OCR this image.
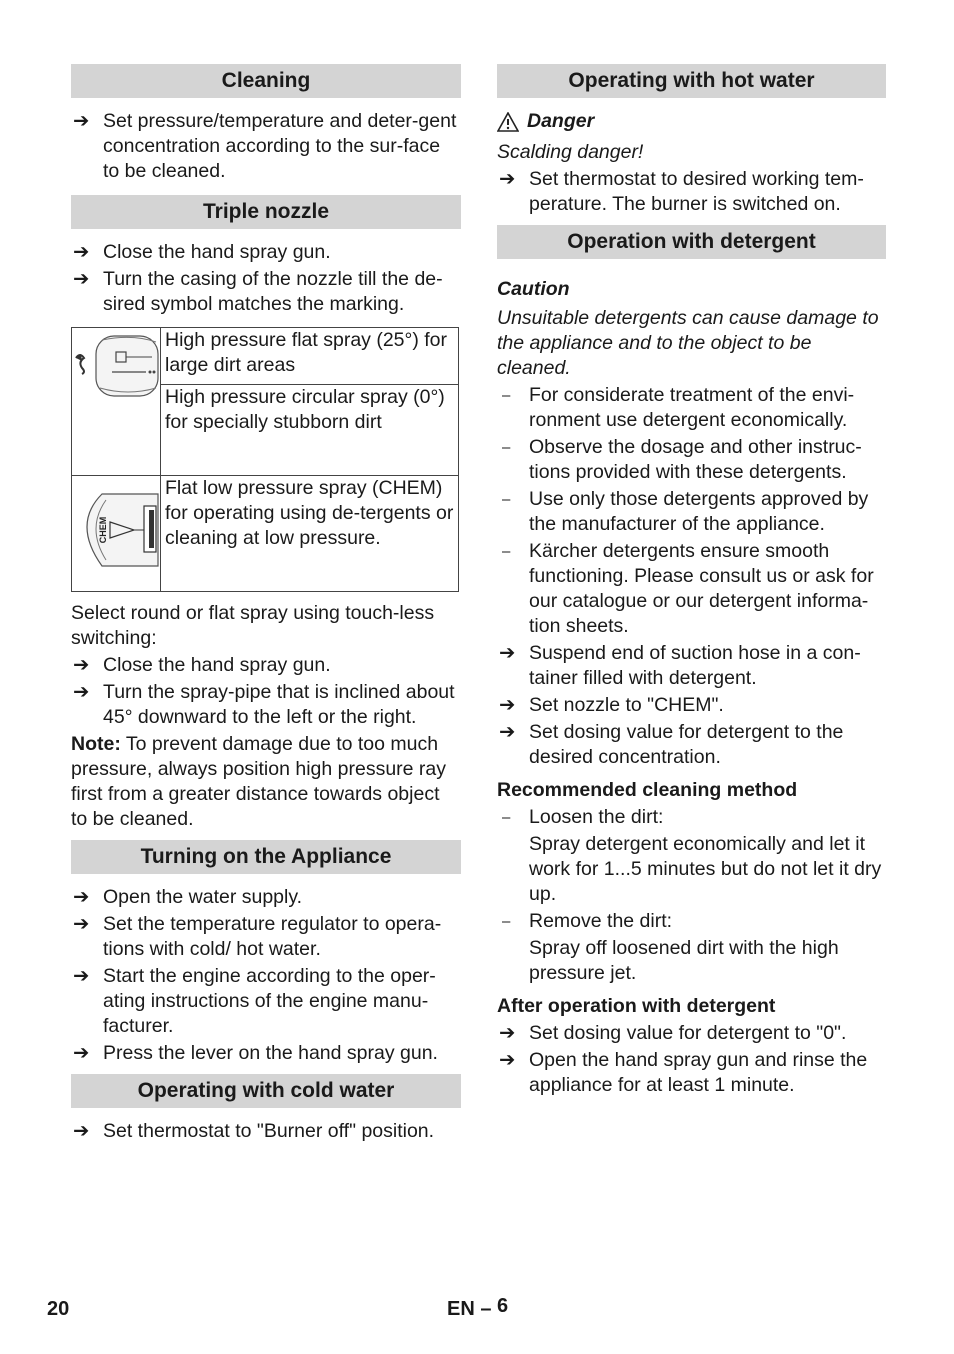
Cleaning
➔ Set pressure/temperature and deter-gent concentration according to the sur-face to be cleaned.
Triple nozzle
➔ Close the hand spray gun.
➔ Turn the casing of the nozzle till the de-sired symbol matches the marking.
	High pressure flat spray (25°) for large dirt areas
	High pressure circular spray (0°) for specially stubborn dirt

CHEM	Flat low pressure spray (CHEM) for operating using de-tergents or cleaning at low pressure.

Select round or flat spray using touch-less switching:

➔ Close the hand spray gun.
➔ Turn the spray-pipe that is inclined about 45° downward to the left or the right.

Note: To prevent damage due to too much pressure, always position high pressure ray first from a greater distance towards object to be cleaned.

Turning on the Appliance
➔ Open the water supply.
➔ Set the temperature regulator to opera-tions with cold/ hot water.
➔ Start the engine according to the oper-ating instructions of the engine manu-facturer.
➔ Press the lever on the hand spray gun.
Operating with cold water
➔ Set thermostat to "Burner off" position.
Operating with hot water
Danger

Scalding danger!

➔ Set thermostat to desired working tem-perature. The burner is switched on.
Operation with detergent

Caution

Unsuitable detergents can cause damage to the appliance and to the object to be cleaned.

– For considerate treatment of the envi-ronment use detergent economically.
– Observe the dosage and other instruc-tions provided with these detergents.
– Use only those detergents approved by the manufacturer of the appliance.
– Kärcher detergents ensure smooth functioning. Please consult us or ask for our catalogue or our detergent informa-tion sheets.
➔ Suspend end of suction hose in a con-tainer filled with detergent.
➔ Set nozzle to "CHEM".
➔ Set dosing value for detergent to the desired concentration.
Recommended cleaning method
– Loosen the dirt:
Spray detergent economically and let it work for 1...5 minutes but do not let it dry up.
– Remove the dirt:
Spray off loosened dirt with the high pressure jet.
After operation with detergent
➔ Set dosing value for detergent to "0".
➔ Open the hand spray gun and rinse the appliance for at least 1 minute.
20	EN – 6
